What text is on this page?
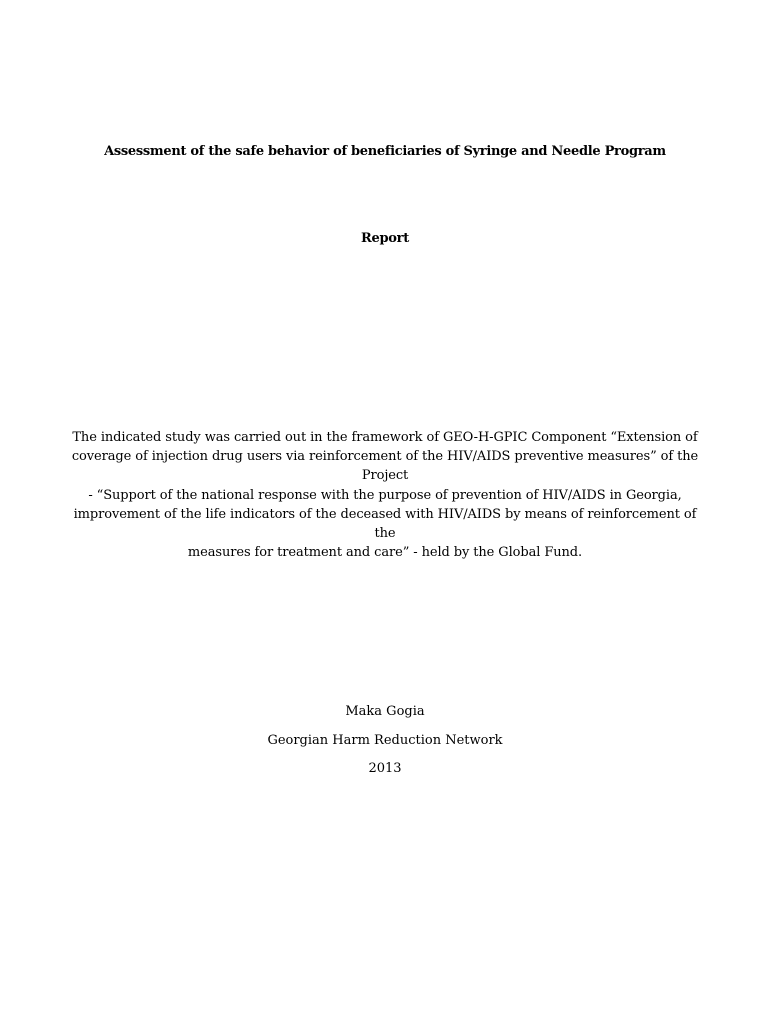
Assessment of the safe behavior of beneficiaries of Syringe and Needle Program
Report
The indicated study was carried out in the framework of GEO-H-GPIC Component “Extension of
coverage of injection drug users via reinforcement of the HIV/AIDS preventive measures” of the Project
- “Support of the national response with the purpose of prevention of HIV/AIDS in Georgia,
improvement of the life indicators of the deceased with HIV/AIDS by means of reinforcement of the
measures for treatment and care” - held by the Global Fund.
Maka Gogia
Georgian Harm Reduction Network
2013
